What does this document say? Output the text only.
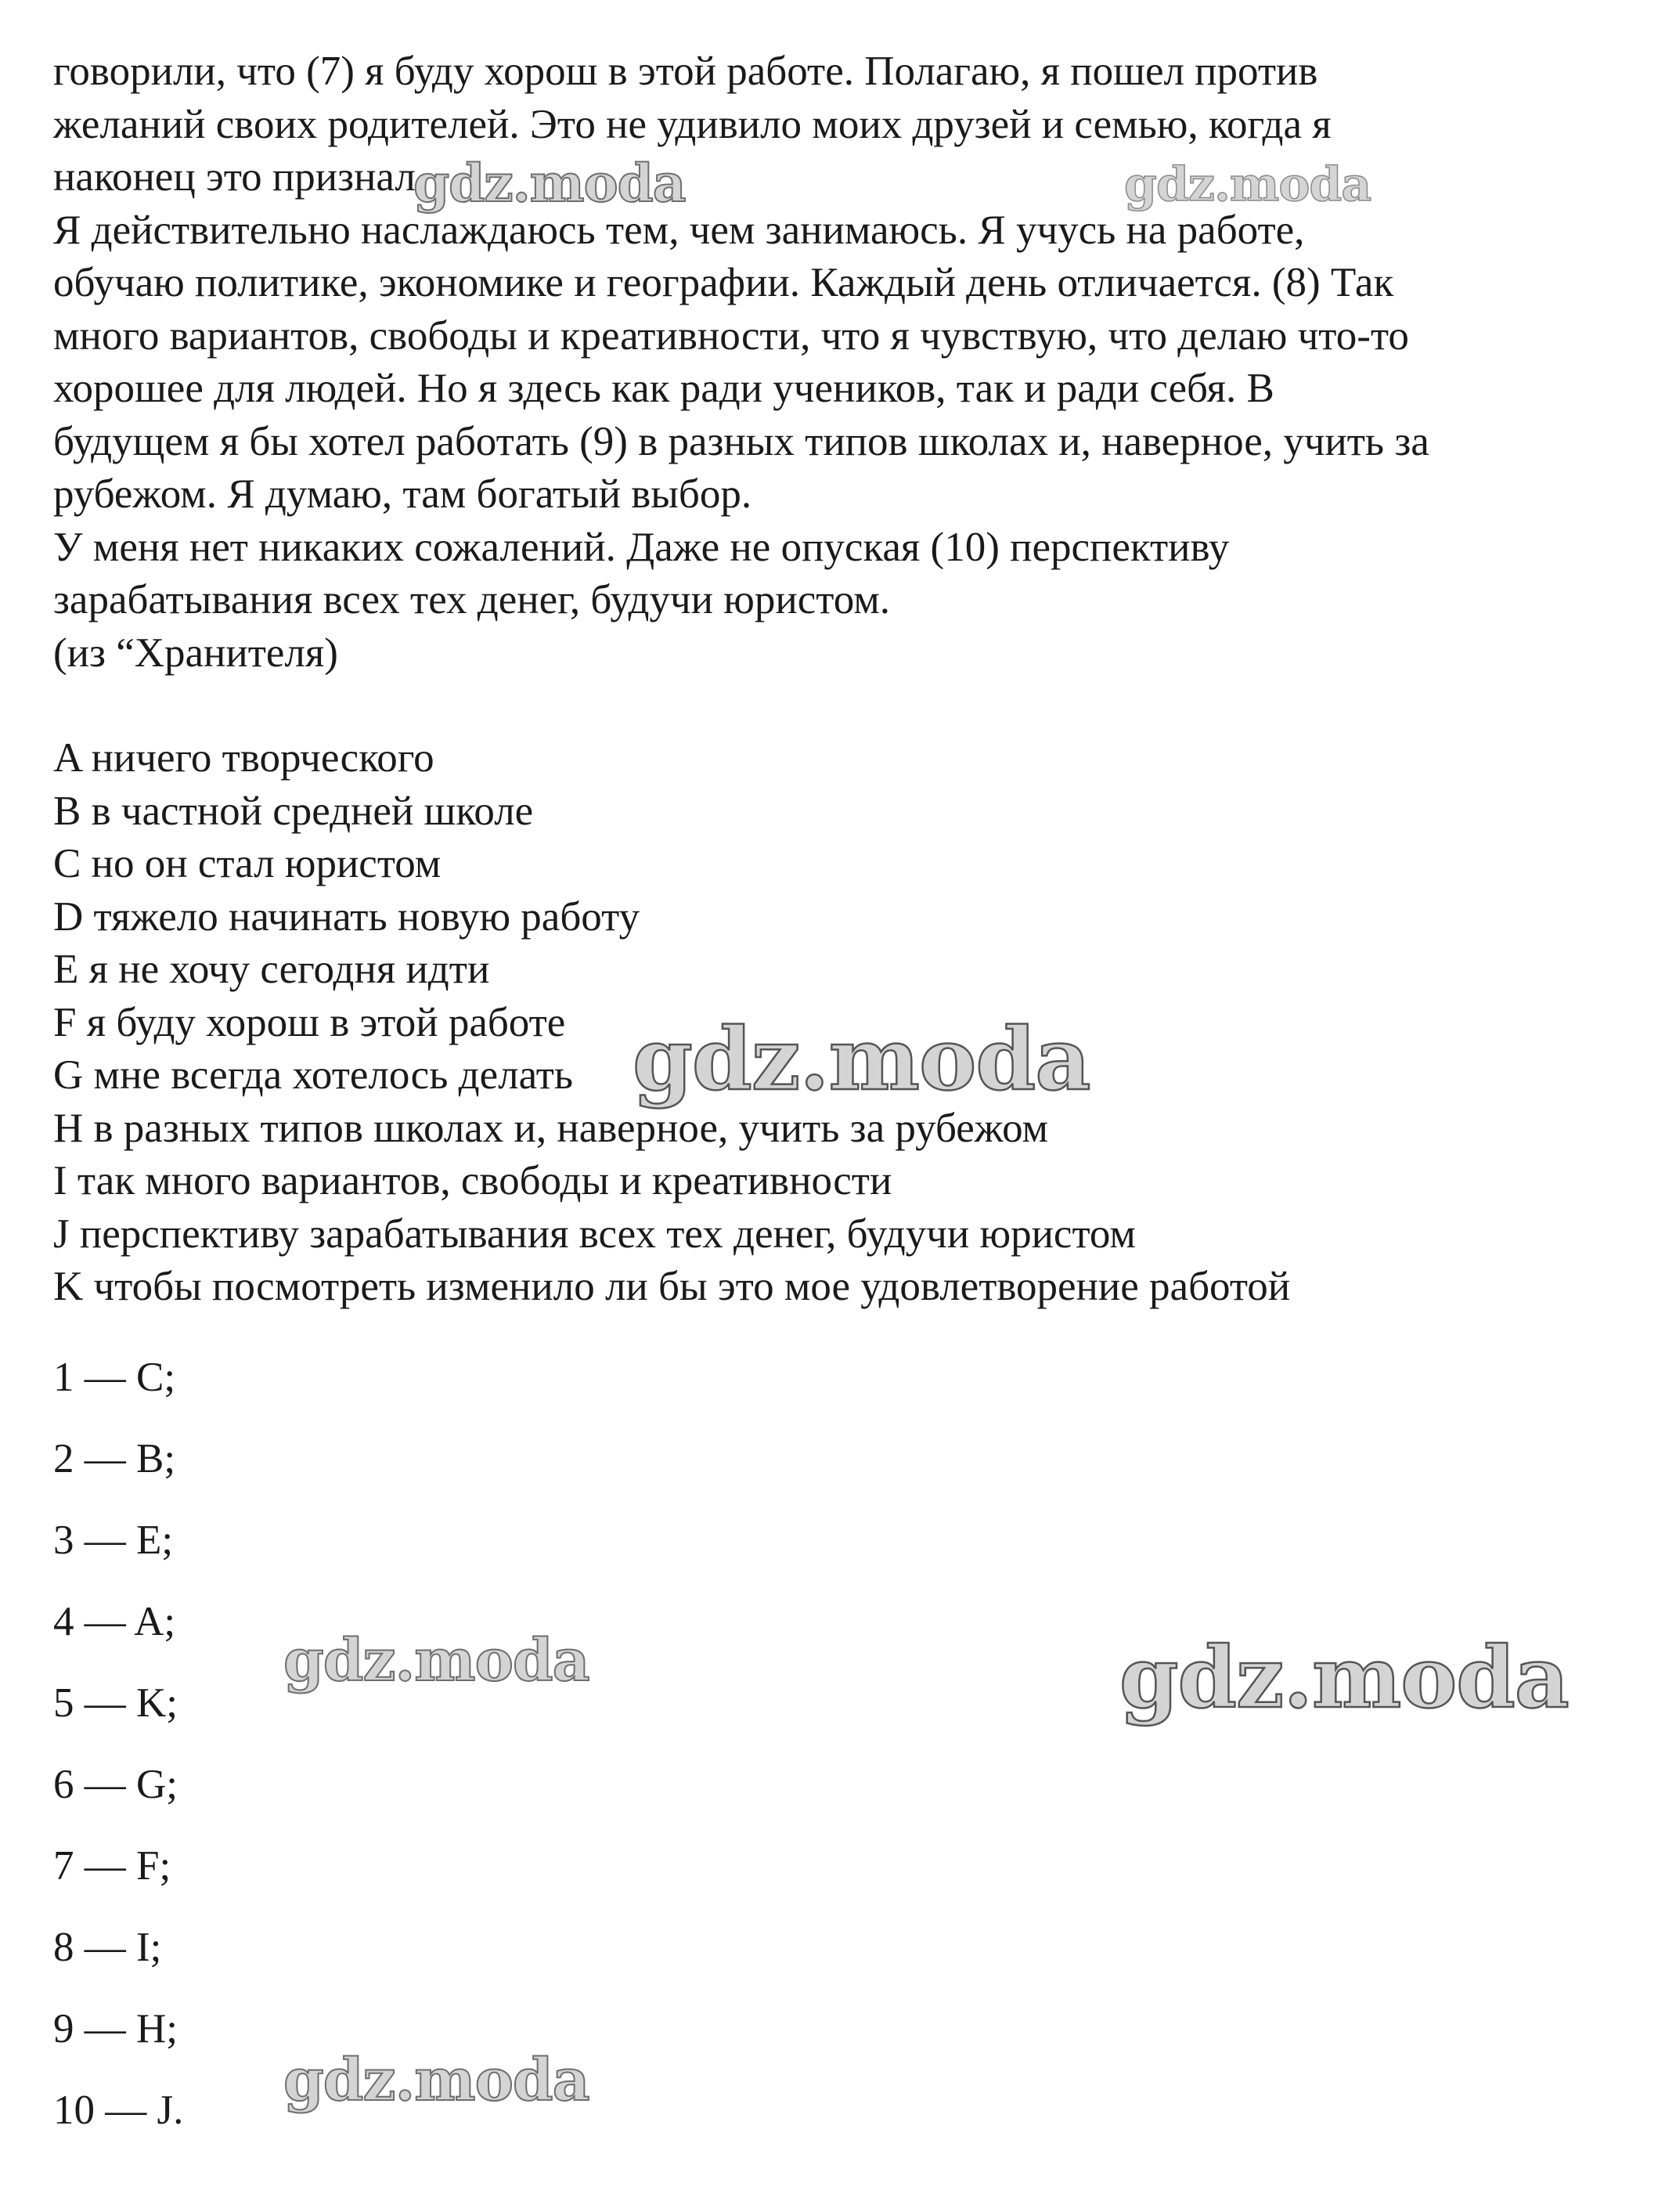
говорили, что (7) я буду хорош в этой работе. Полагаю, я пошел против
желаний своих родителей. Это не удивило моих друзей и семью, когда я
наконец это признал.
Я действительно наслаждаюсь тем, чем занимаюсь. Я учусь на работе,
обучаю политике, экономике и географии. Каждый день отличается. (8) Так
много вариантов, свободы и креативности, что я чувствую, что делаю что-то
хорошее для людей. Но я здесь как ради учеников, так и ради себя. В
будущем я бы хотел работать (9) в разных типов школах и, наверное, учить за
рубежом. Я думаю, там богатый выбор.
У меня нет никаких сожалений. Даже не опуская (10) перспективу
зарабатывания всех тех денег, будучи юристом.
(из “Хранителя)
A ничего творческого
B в частной средней школе
C но он стал юристом
D тяжело начинать новую работу
E я не хочу сегодня идти
F я буду хорош в этой работе
G мне всегда хотелось делать
H в разных типов школах и, наверное, учить за рубежом
I так много вариантов, свободы и креативности
J перспективу зарабатывания всех тех денег, будучи юристом
K чтобы посмотреть изменило ли бы это мое удовлетворение работой
1 — C;
2 — B;
3 — E;
4 — A;
5 — K;
6 — G;
7 — F;
8 — I;
9 — H;
10 — J.
gdz.moda	gdz.moda
gdz.moda
gdz.moda	gdz.moda
gdz.moda
